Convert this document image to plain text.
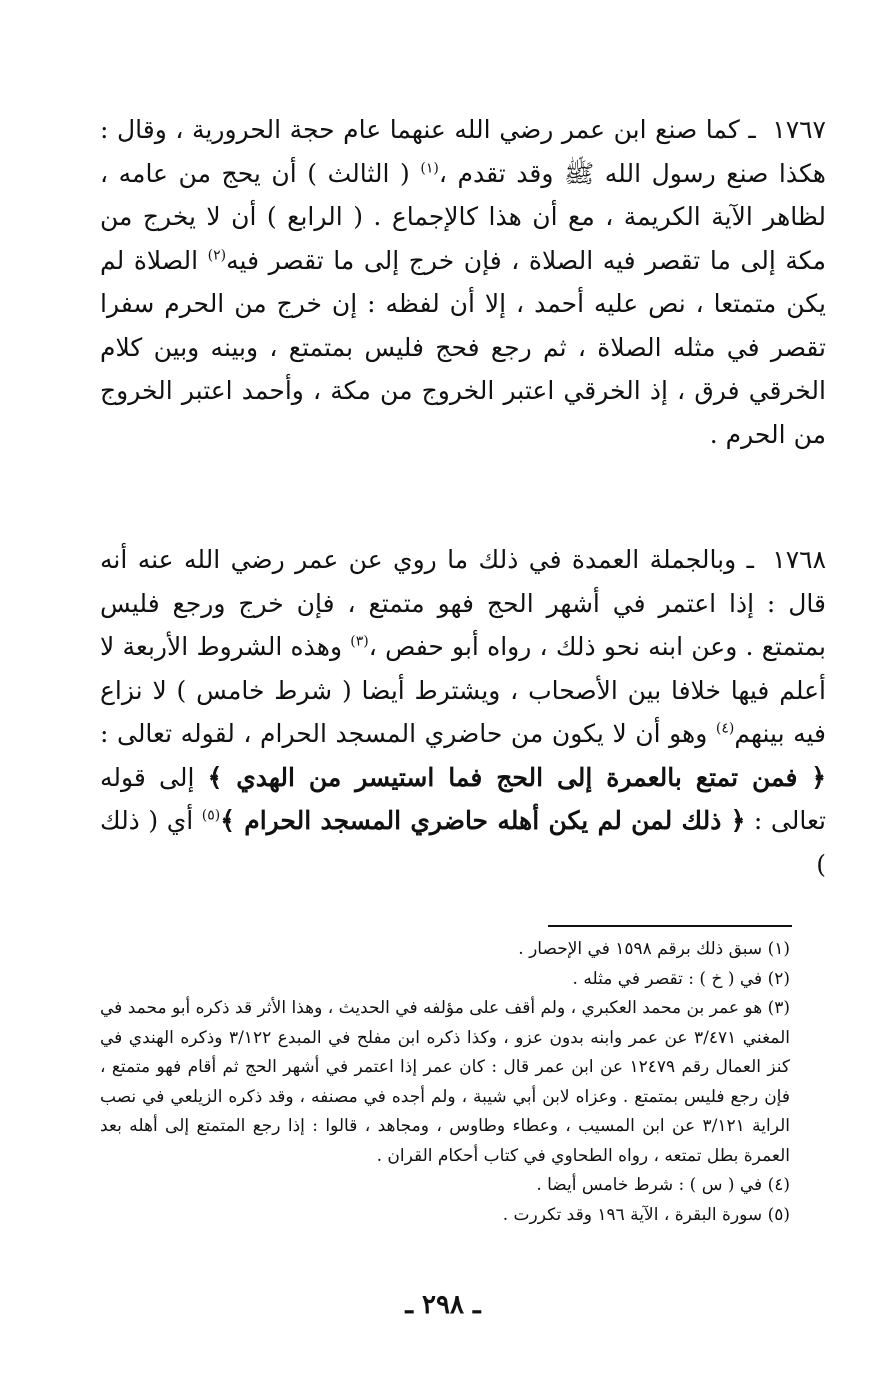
١٧٦٧ ـ كما صنع ابن عمر رضي الله عنهما عام حجة الحرورية ، وقال : هكذا صنع رسول الله ﷺ وقد تقدم ،$^{(١)}$ ( الثالث ) أن يحج من عامه ، لظاهر الآية الكريمة ، مع أن هذا كالإجماع . ( الرابع ) أن لا يخرج من مكة إلى ما تقصر فيه الصلاة ، فإن خرج إلى ما تقصر فيه$^{(٢)}$ الصلاة لم يكن متمتعا ، نص عليه أحمد ، إلا أن لفظه : إن خرج من الحرم سفرا تقصر في مثله الصلاة ، ثم رجع فحج فليس بمتمتع ، وبينه وبين كلام الخرقي فرق ، إذ الخرقي اعتبر الخروج من مكة ، وأحمد اعتبر الخروج من الحرم .
١٧٦٨ ـ وبالجملة العمدة في ذلك ما روي عن عمر رضي الله عنه أنه قال : إذا اعتمر في أشهر الحج فهو متمتع ، فإن خرج ورجع فليس بمتمتع . وعن ابنه نحو ذلك ، رواه أبو حفص ،$^{(٣)}$ وهذه الشروط الأربعة لا أعلم فيها خلافا بين الأصحاب ، ويشترط أيضا ( شرط خامس ) لا نزاع فيه بينهم$^{(٤)}$ وهو أن لا يكون من حاضري المسجد الحرام ، لقوله تعالى : ﴿ فمن تمتع بالعمرة إلى الحج فما استيسر من الهدي ﴾ إلى قوله تعالى : ﴿ ذلك لمن لم يكن أهله حاضري المسجد الحرام ﴾$^{(٥)}$ أي ( ذلك )

(١) سبق ذلك برقم ١٥٩٨ في الإحصار .

(٢) في ( خ ) : تقصر في مثله .

(٣) هو عمر بن محمد العكبري ، ولم أقف على مؤلفه في الحديث ، وهذا الأثر قد ذكره أبو محمد في المغني ٣/٤٧١ عن عمر وابنه بدون عزو ، وكذا ذكره ابن مفلح في المبدع ٣/١٢٢ وذكره الهندي في كنز العمال رقم ١٢٤٧٩ عن ابن عمر قال : كان عمر إذا اعتمر في أشهر الحج ثم أقام فهو متمتع ، فإن رجع فليس بمتمتع . وعزاه لابن أبي شيبة ، ولم أجده في مصنفه ، وقد ذكره الزيلعي في نصب الراية ٣/١٢١ عن ابن المسيب ، وعطاء وطاوس ، ومجاهد ، قالوا : إذا رجع المتمتع إلى أهله بعد العمرة بطل تمتعه ، رواه الطحاوي في كتاب أحكام القران .

(٤) في ( س ) : شرط خامس أيضا .

(٥) سورة البقرة ، الآية ١٩٦ وقد تكررت .

ـ ٢٩٨ ـ
